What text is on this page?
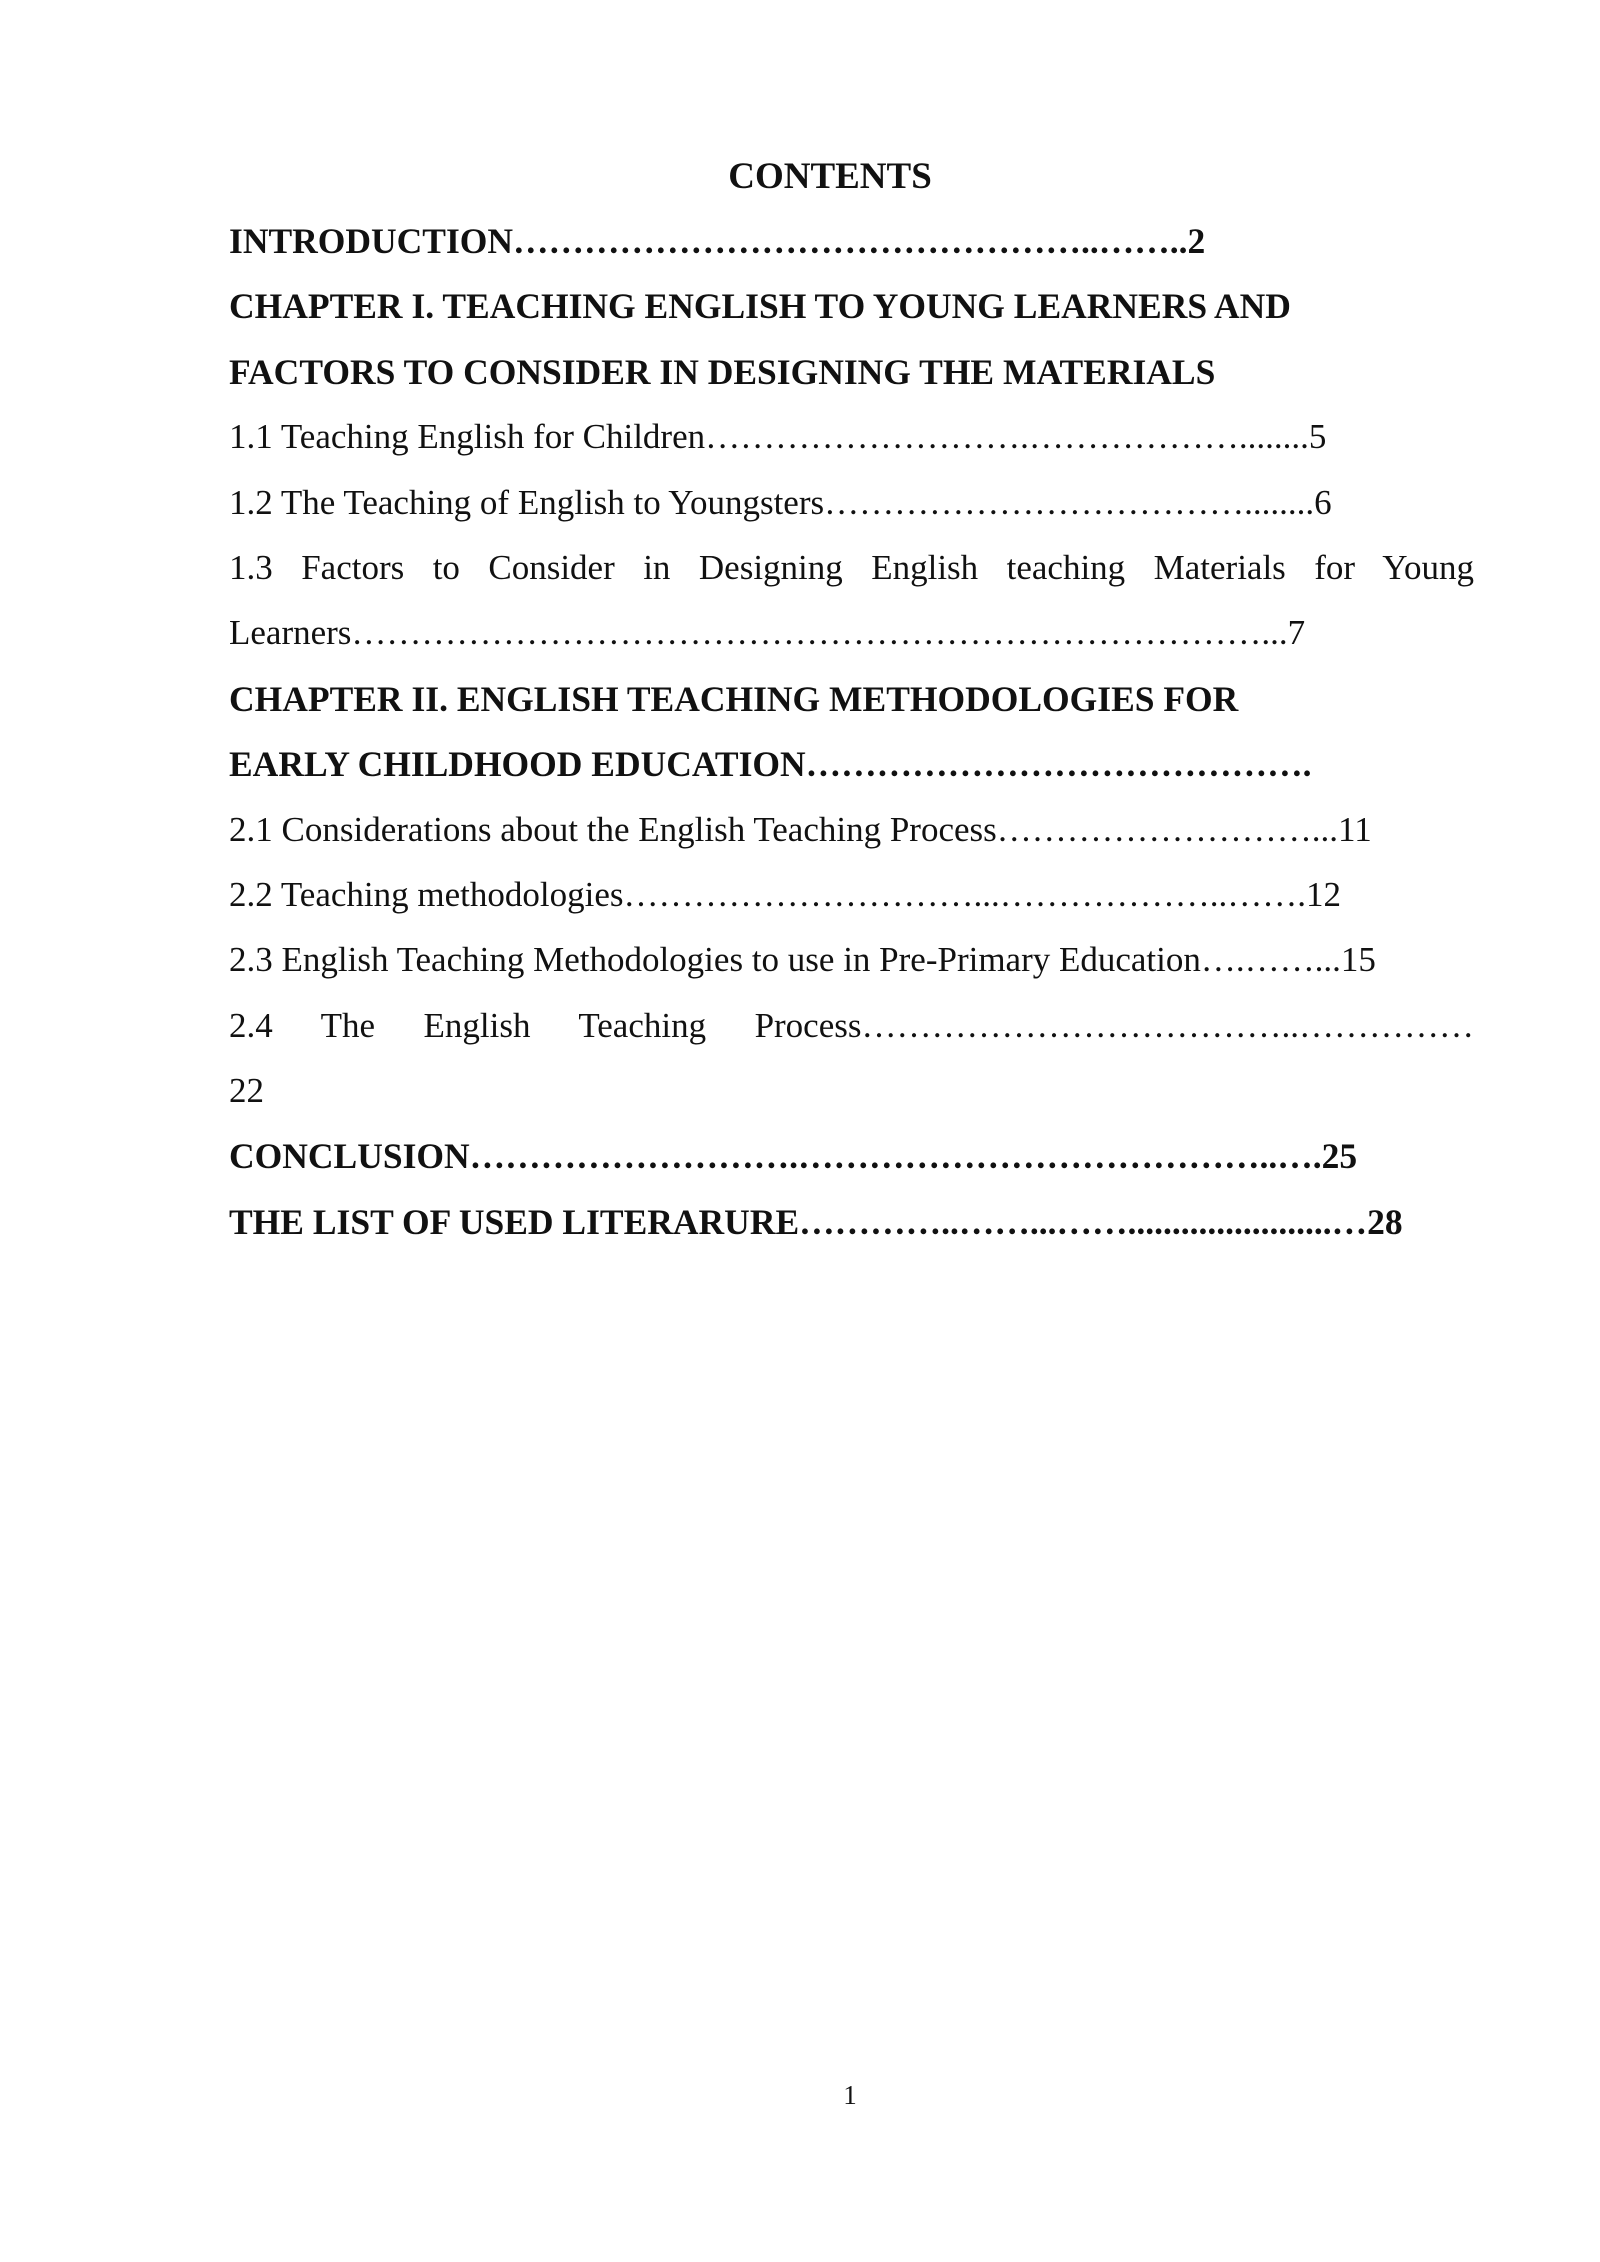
CONTENTS
INTRODUCTION…………………………………………..……..2
CHAPTER I. TEACHING ENGLISH TO YOUNG LEARNERS AND
FACTORS TO CONSIDER IN DESIGNING THE MATERIALS
1.1 Teaching English for Children……………………….………………........5
1.2 The Teaching of English to Youngsters………………………………........6
1.3 Factors to Consider in Designing English teaching Materials for Young
Learners……………………………………………………………………...7
CHAPTER II. ENGLISH TEACHING METHODOLOGIES FOR
EARLY CHILDHOOD EDUCATION…………………………………….
2.1 Considerations about the English Teaching Process………………………...11
2.2 Teaching methodologies…………………………...………………..…….12
2.3 English Teaching Methodologies to use in Pre-Primary Education….……...15
2.4 The English Teaching Process………………………………..……………
22
CONCLUSION……………………….…………………………………..….25
THE LIST OF USED LITERARURE…………..……...…….......................…28
1
